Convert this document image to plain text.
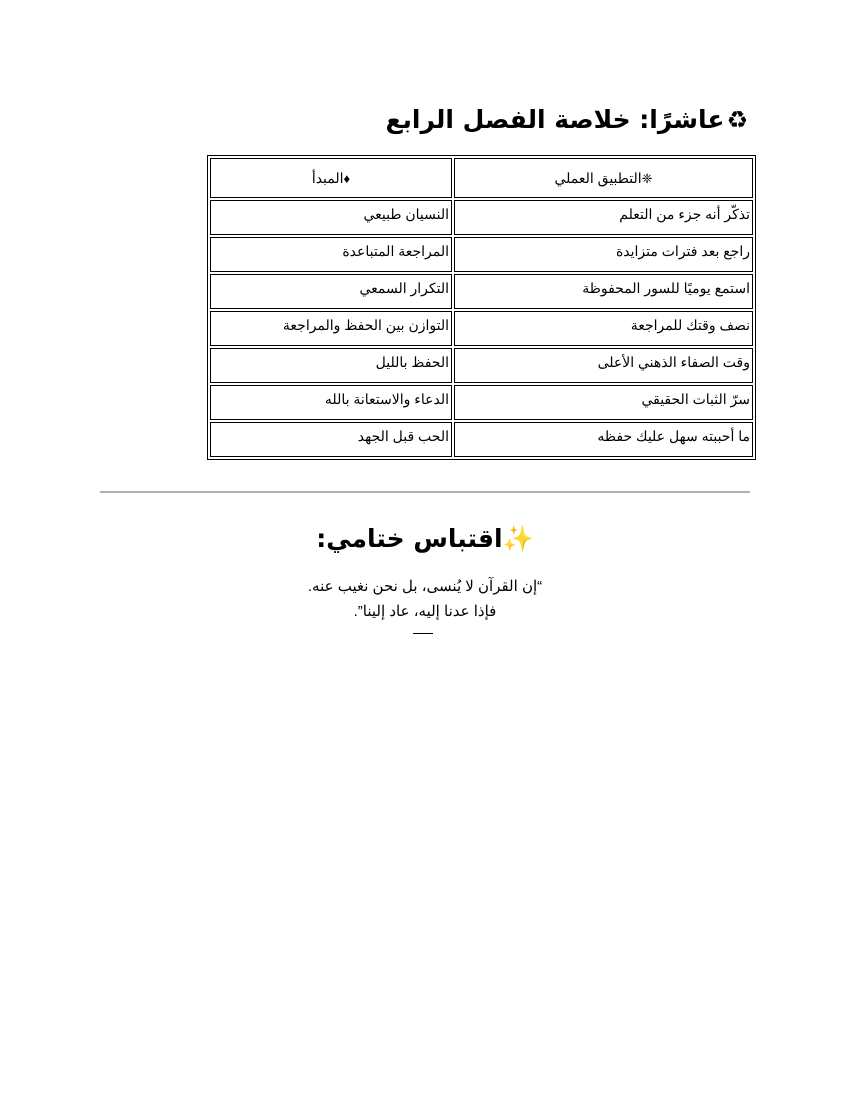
♻عاشرًا: خلاصة الفصل الرابع
❈التطبيق العملي	♦المبدأ
تذكّر أنه جزء من التعلم	النسيان طبيعي
راجع بعد فترات متزايدة	المراجعة المتباعدة
استمع يوميًا للسور المحفوظة	التكرار السمعي
نصف وقتك للمراجعة	التوازن بين الحفظ والمراجعة
وقت الصفاء الذهني الأعلى	الحفظ بالليل
سرّ الثبات الحقيقي	الدعاء والاستعانة بالله
ما أحببته سهل عليك حفظه	الحب قبل الجهد
✨اقتباس ختامي:
“إن القرآن لا يُنسى، بل نحن نغيب عنه.
فإذا عدنا إليه، عاد إلينا”.
